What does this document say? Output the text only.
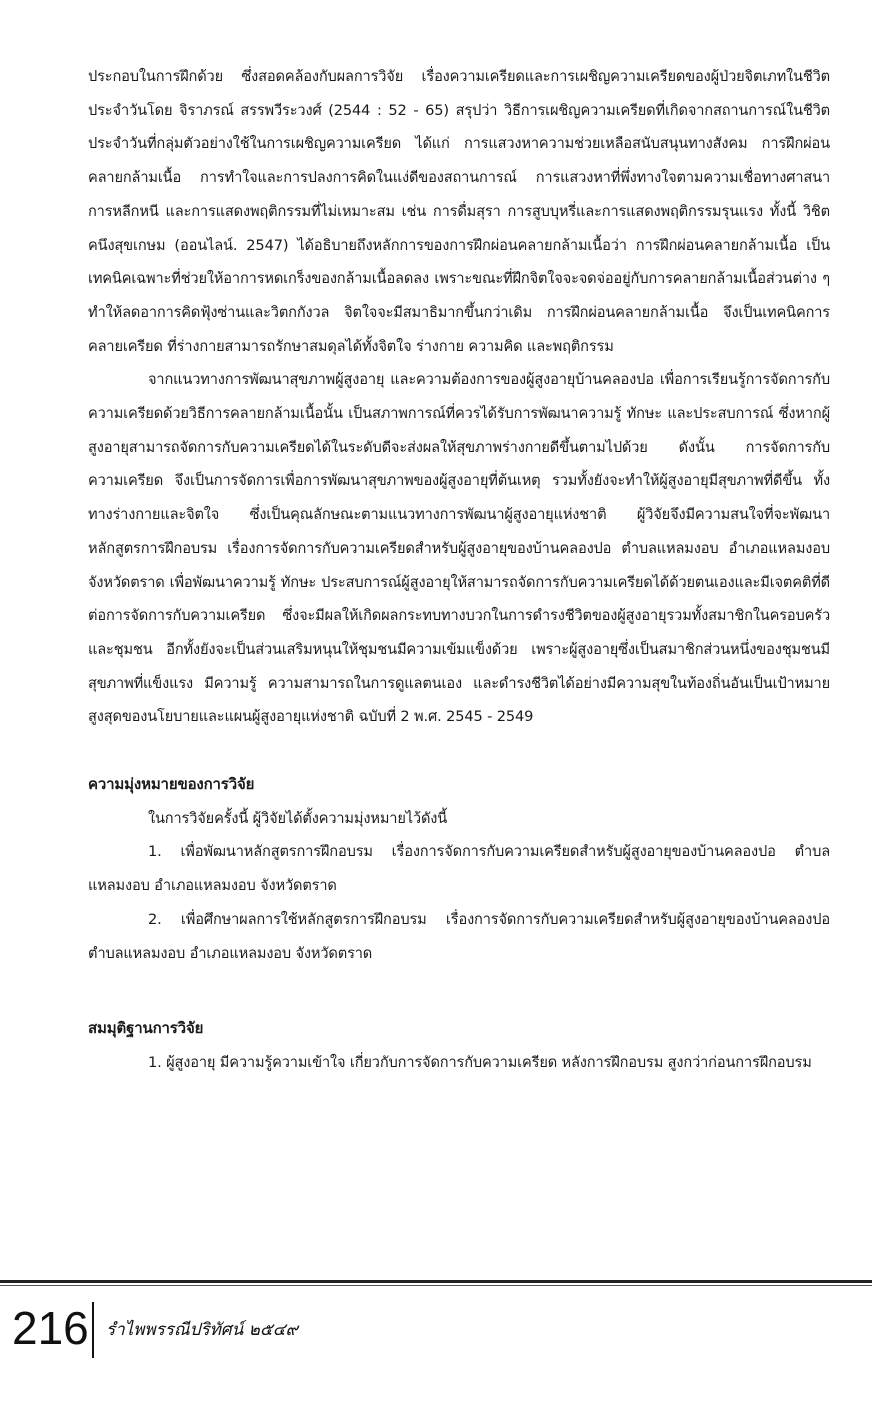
ประกอบในการฝึกด้วย ซึ่งสอดคล้องกับผลการวิจัย เรื่องความเครียดและการเผชิญความเครียดของผู้ป่วยจิตเภทในชีวิตประจำวันโดย จิราภรณ์ สรรพวีระวงศ์ (2544 : 52 - 65) สรุปว่า วิธีการเผชิญความเครียดที่เกิดจากสถานการณ์ในชีวิตประจำวันที่กลุ่มตัวอย่างใช้ในการเผชิญความเครียด ได้แก่ การแสวงหาความช่วยเหลือสนับสนุนทางสังคม การฝึกผ่อนคลายกล้ามเนื้อ การทำใจและการปลงการคิดในแง่ดีของสถานการณ์ การแสวงหาที่พึ่งทางใจตามความเชื่อทางศาสนา การหลีกหนี และการแสดงพฤติกรรมที่ไม่เหมาะสม เช่น การดื่มสุรา การสูบบุหรี่และการแสดงพฤติกรรมรุนแรง ทั้งนี้ วิชิต คนึงสุขเกษม (ออนไลน์. 2547) ได้อธิบายถึงหลักการของการฝึกผ่อนคลายกล้ามเนื้อว่า การฝึกผ่อนคลายกล้ามเนื้อ เป็นเทคนิคเฉพาะที่ช่วยให้อาการหดเกร็งของกล้ามเนื้อลดลง เพราะขณะที่ฝึกจิตใจจะจดจ่ออยู่กับการคลายกล้ามเนื้อส่วนต่าง ๆ ทำให้ลดอาการคิดฟุ้งซ่านและวิตกกังวล จิตใจจะมีสมาธิมากขึ้นกว่าเดิม การฝึกผ่อนคลายกล้ามเนื้อ จึงเป็นเทคนิคการคลายเครียด ที่ร่างกายสามารถรักษาสมดุลได้ทั้งจิตใจ ร่างกาย ความคิด และพฤติกรรม

จากแนวทางการพัฒนาสุขภาพผู้สูงอายุ และความต้องการของผู้สูงอายุบ้านคลองปอ เพื่อการเรียนรู้การจัดการกับความเครียดด้วยวิธีการคลายกล้ามเนื้อนั้น เป็นสภาพการณ์ที่ควรได้รับการพัฒนาความรู้ ทักษะ และประสบการณ์ ซึ่งหากผู้สูงอายุสามารถจัดการกับความเครียดได้ในระดับดีจะส่งผลให้สุขภาพร่างกายดีขึ้นตามไปด้วย ดังนั้น การจัดการกับความเครียด จึงเป็นการจัดการเพื่อการพัฒนาสุขภาพของผู้สูงอายุที่ต้นเหตุ รวมทั้งยังจะทำให้ผู้สูงอายุมีสุขภาพที่ดีขึ้น ทั้งทางร่างกายและจิตใจ ซึ่งเป็นคุณลักษณะตามแนวทางการพัฒนาผู้สูงอายุแห่งชาติ ผู้วิจัยจึงมีความสนใจที่จะพัฒนาหลักสูตรการฝึกอบรม เรื่องการจัดการกับความเครียดสำหรับผู้สูงอายุของบ้านคลองปอ ตำบลแหลมงอบ อำเภอแหลมงอบ จังหวัดตราด เพื่อพัฒนาความรู้ ทักษะ ประสบการณ์ผู้สูงอายุให้สามารถจัดการกับความเครียดได้ด้วยตนเองและมีเจตคติที่ดีต่อการจัดการกับความเครียด ซึ่งจะมีผลให้เกิดผลกระทบทางบวกในการดำรงชีวิตของผู้สูงอายุรวมทั้งสมาชิกในครอบครัวและชุมชน อีกทั้งยังจะเป็นส่วนเสริมหนุนให้ชุมชนมีความเข้มแข็งด้วย เพราะผู้สูงอายุซึ่งเป็นสมาชิกส่วนหนึ่งของชุมชนมีสุขภาพที่แข็งแรง มีความรู้ ความสามารถในการดูแลตนเอง และดำรงชีวิตได้อย่างมีความสุขในท้องถิ่นอันเป็นเป้าหมายสูงสุดของนโยบายและแผนผู้สูงอายุแห่งชาติ ฉบับที่ 2 พ.ศ. 2545 - 2549

ความมุ่งหมายของการวิจัย

ในการวิจัยครั้งนี้ ผู้วิจัยได้ตั้งความมุ่งหมายไว้ดังนี้

1. เพื่อพัฒนาหลักสูตรการฝึกอบรม เรื่องการจัดการกับความเครียดสำหรับผู้สูงอายุของบ้านคลองปอ ตำบลแหลมงอบ อำเภอแหลมงอบ จังหวัดตราด

2. เพื่อศึกษาผลการใช้หลักสูตรการฝึกอบรม เรื่องการจัดการกับความเครียดสำหรับผู้สูงอายุของบ้านคลองปอ ตำบลแหลมงอบ อำเภอแหลมงอบ จังหวัดตราด

สมมุติฐานการวิจัย

1. ผู้สูงอายุ มีความรู้ความเข้าใจ เกี่ยวกับการจัดการกับความเครียด หลังการฝึกอบรม สูงกว่าก่อนการฝึกอบรม

216 รำไพพรรณีปริทัศน์ ๒๕๔๙
